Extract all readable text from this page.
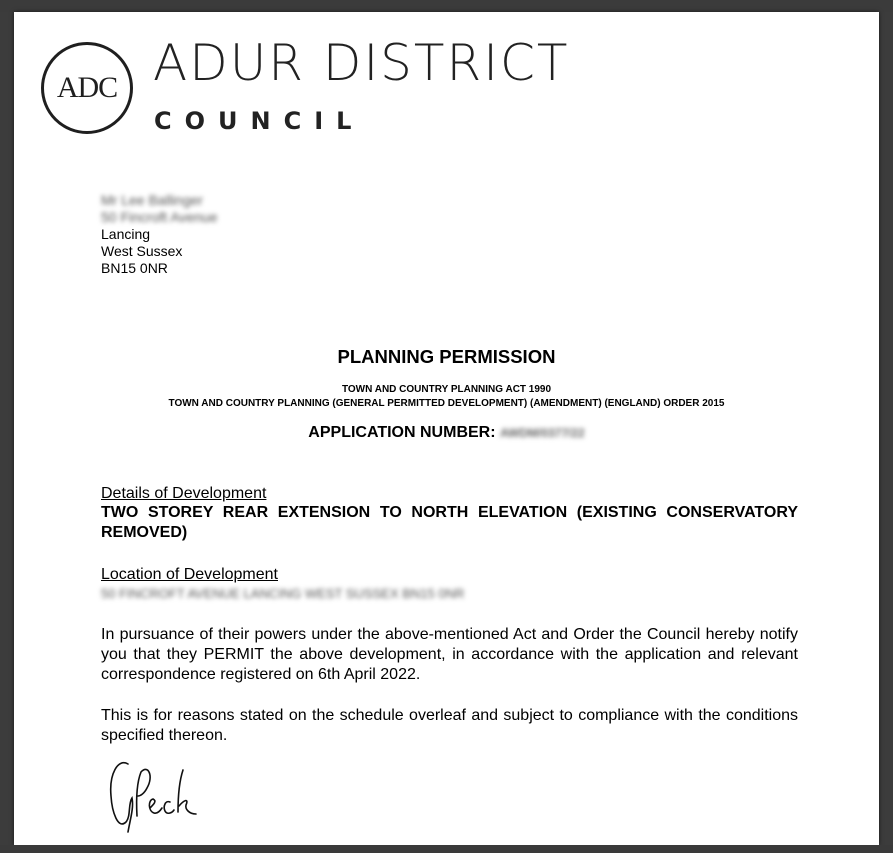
ADC ADUR DISTRICT
COUNCIL
Mr Lee Ballinger
50 Fincroft Avenue
Lancing
West Sussex
BN15 0NR
PLANNING PERMISSION
TOWN AND COUNTRY PLANNING ACT 1990
TOWN AND COUNTRY PLANNING (GENERAL PERMITTED DEVELOPMENT) (AMENDMENT) (ENGLAND) ORDER 2015
APPLICATION NUMBER: AWDM/0377/22
Details of Development
TWO STOREY REAR EXTENSION TO NORTH ELEVATION (EXISTING CONSERVATORY REMOVED)
Location of Development
50 FINCROFT AVENUE LANCING WEST SUSSEX BN15 0NR
In pursuance of their powers under the above-mentioned Act and Order the Council hereby notify you that they PERMIT the above development, in accordance with the application and relevant correspondence registered on 6th April 2022.
This is for reasons stated on the schedule overleaf and subject to compliance with the conditions specified thereon.
